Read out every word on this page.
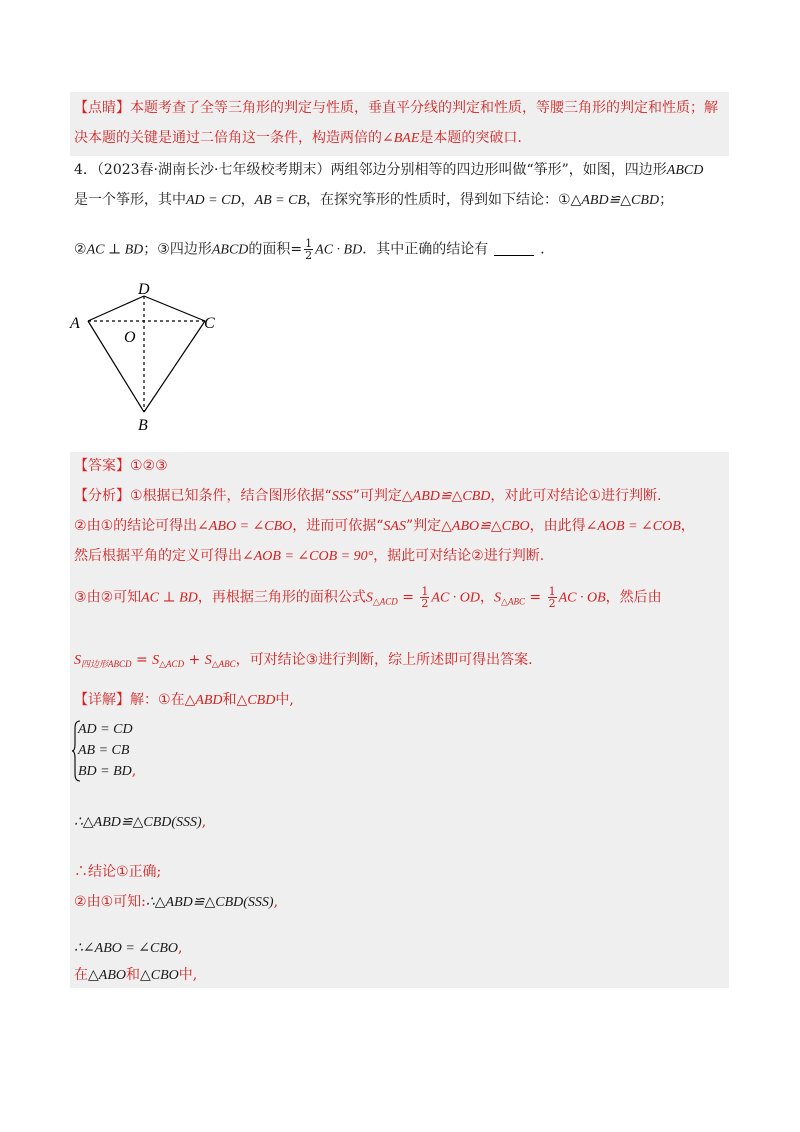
【点睛】本题考查了全等三角形的判定与性质，垂直平分线的判定和性质，等腰三角形的判定和性质；解
决本题的关键是通过二倍角这一条件，构造两倍的∠BAE是本题的突破口.
4．（2023春·湖南长沙·七年级校考期末）两组邻边分别相等的四边形叫做“筝形”，如图，四边形ABCD
是一个筝形，其中AD = CD，AB = CB，在探究筝形的性质时，得到如下结论：①△ABD≌△CBD；
②AC ⊥ BD；③四边形ABCD的面积= $\frac{1}{2}$ AC · BD．其中正确的结论有	．
D
A	C
O
B
【答案】①②③
【分析】①根据已知条件，结合图形依据“SSS”可判定△ABD≌△CBD，对此可对结论①进行判断.
②由①的结论可得出∠ABO = ∠CBO，进而可依据“SAS”判定△ABO≌△CBO，由此得∠AOB = ∠COB，
然后根据平角的定义可得出∠AOB = ∠COB = 90°，据此可对结论②进行判断.
③由②可知AC ⊥ BD，再根据三角形的面积公式$S_{\triangle ACD} = \frac{1}{2}$ AC · OD，$S_{\triangle ABC} = \frac{1}{2}$ AC · OB，然后由
$S_{四边形ABCD} = S_{\triangle ACD} + S_{\triangle ABC}$，可对结论③进行判断，综上所述即可得出答案.
【详解】解：①在△ABD和△CBD中,
AD = CD
AB = CB
BD = BD,
∴△ABD≌△CBD(SSS),
∴结论①正确;
②由①可知:∴△ABD≌△CBD(SSS),
∴∠ABO = ∠CBO,
在△ABO和△CBO中,
